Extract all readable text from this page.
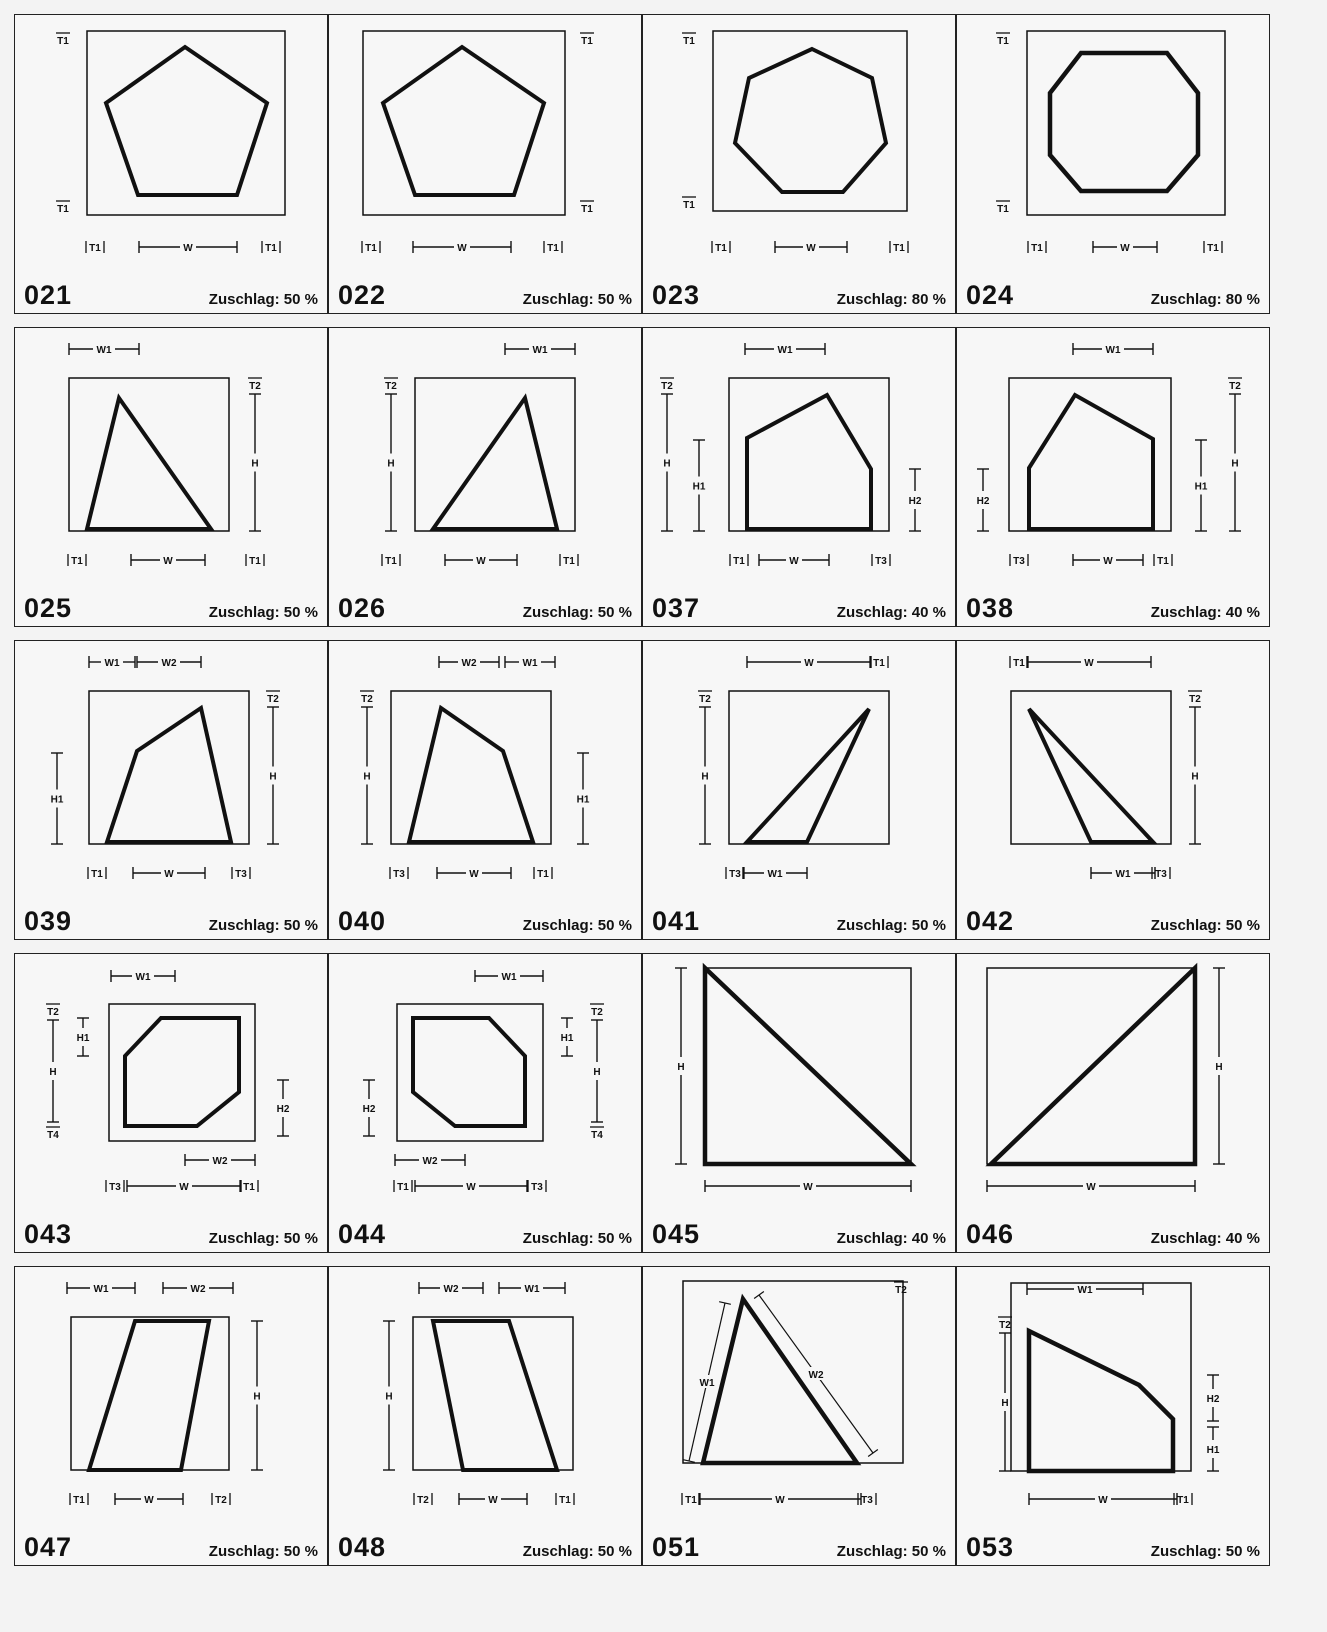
W
T1
T1
T1	T1
021	Zuschlag: 50 %
W
T1
T1
T1	T1
022	Zuschlag: 50 %
W
T1
T1
T1	T1
023	Zuschlag: 80 %
W
T1
T1
T1	T1
024	Zuschlag: 80 %
W1
H
W
T2
T1	T1
025	Zuschlag: 50 %
W1
H
W
T2
T1	T1
026	Zuschlag: 50 %
W1
H
H1
H2
W
T2
T1	T3
037	Zuschlag: 40 %
W1
H
H1
H2
W
T2
T3	T1
038	Zuschlag: 40 %
W1	W2
H
H1
W
T2
T1	T3
039	Zuschlag: 50 %
W2	W1
H
H1
W
T2
T3	T1
040	Zuschlag: 50 %
W
H
W1
T2
T1
T3
041	Zuschlag: 50 %
W
H
W1
T2
T1
T3
042	Zuschlag: 50 %
W1
H
H1
H2
W2
W
T2
T4
T3	T1
043	Zuschlag: 50 %
W1
H
H1
H2
W2
W
T2
T4
T1	T3
044	Zuschlag: 50 %
H
W
045	Zuschlag: 40 %
H
W
046	Zuschlag: 40 %
W1	W2
H
W
T1	T2
047	Zuschlag: 50 %
W2	W1
H
W
T2	T1
048	Zuschlag: 50 %
W
T2
T1	T3
W1
W2
051	Zuschlag: 50 %
W1
H	H2
H1
W
T2
T1
053	Zuschlag: 50 %
